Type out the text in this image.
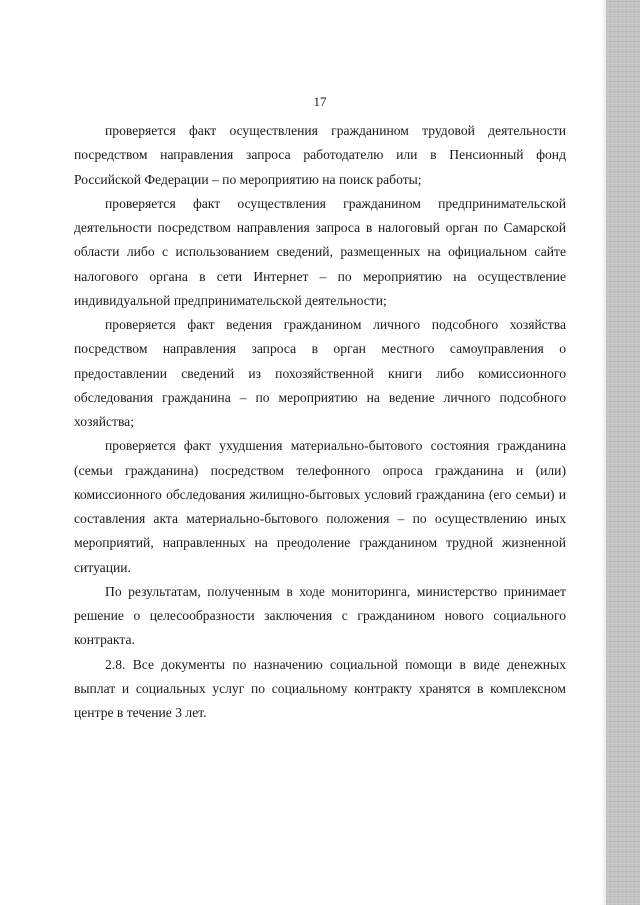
17

проверяется факт осуществления гражданином трудовой деятельности посредством направления запроса работодателю или в Пенсионный фонд Российской Федерации – по мероприятию на поиск работы;

проверяется факт осуществления гражданином предпринимательской деятельности посредством направления запроса в налоговый орган по Самарской области либо с использованием сведений, размещенных на официальном сайте налогового органа в сети Интернет – по мероприятию на осуществление индивидуальной предпринимательской деятельности;

проверяется факт ведения гражданином личного подсобного хозяйства посредством направления запроса в орган местного самоуправления о предоставлении сведений из похозяйственной книги либо комиссионного обследования гражданина – по мероприятию на ведение личного подсобного хозяйства;

проверяется факт ухудшения материально-бытового состояния гражданина (семьи гражданина) посредством телефонного опроса гражданина и (или) комиссионного обследования жилищно-бытовых условий гражданина (его семьи) и составления акта материально-бытового положения – по осуществлению иных мероприятий, направленных на преодоление гражданином трудной жизненной ситуации.

По результатам, полученным в ходе мониторинга, министерство принимает решение о целесообразности заключения с гражданином нового социального контракта.

2.8. Все документы по назначению социальной помощи в виде денежных выплат и социальных услуг по социальному контракту хранятся в комплексном центре в течение 3 лет.
